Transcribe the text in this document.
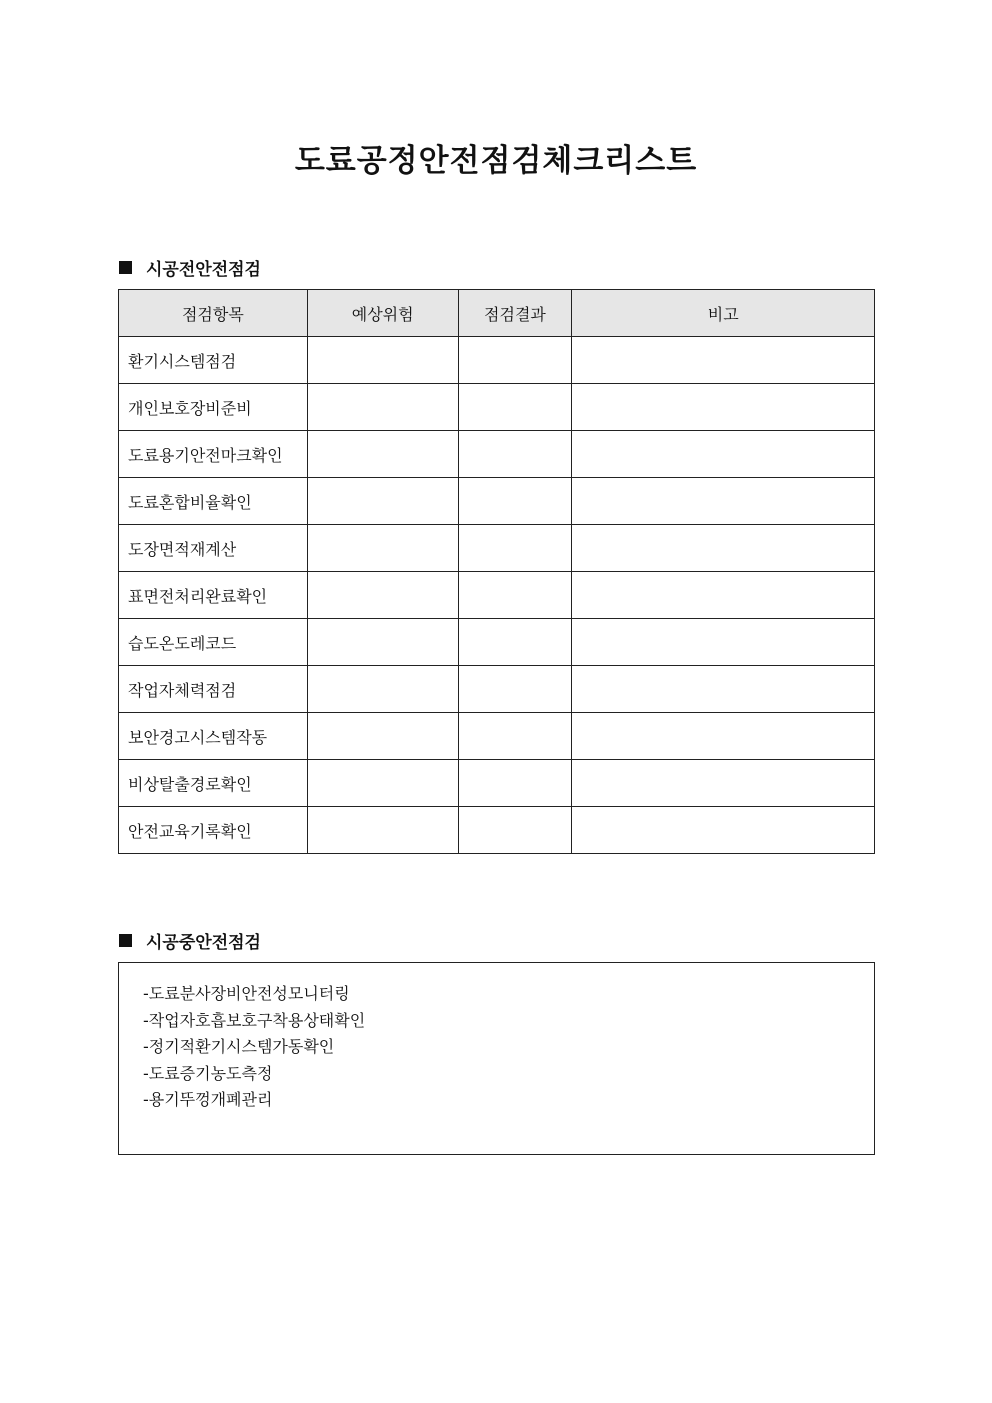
도료공정안전점검체크리스트
시공전안전점검
점검항목	예상위험	점검결과	비고
환기시스템점검			
개인보호장비준비			
도료용기안전마크확인			
도료혼합비율확인			
도장면적재계산			
표면전처리완료확인			
습도온도레코드			
작업자체력점검			
보안경고시스템작동			
비상탈출경로확인			
안전교육기록확인			
시공중안전점검
-도료분사장비안전성모니터링
-작업자호흡보호구착용상태확인
-정기적환기시스템가동확인
-도료증기농도측정
-용기뚜껑개폐관리
